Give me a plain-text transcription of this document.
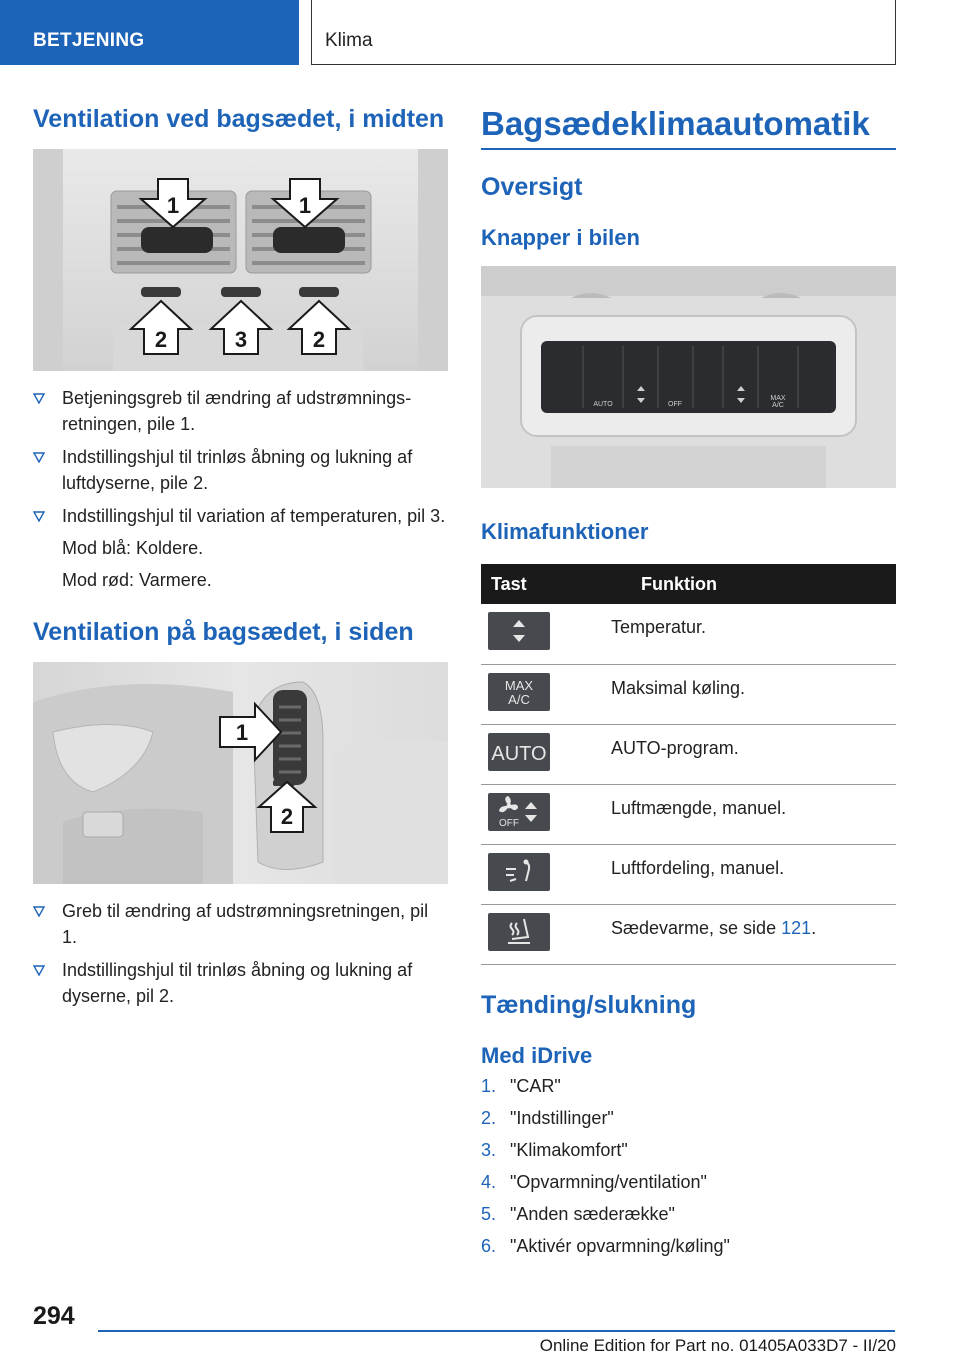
BETJENING	Klima
Ventilation ved bagsædet, i midten
1	1
2	3	2
Betjeningsgreb til ændring af udstrømningsretningen, pile 1.
Indstillingshjul til trinløs åbning og lukning af luftdyserne, pile 2.
Indstillingshjul til variation af temperaturen, pil 3.
Mod blå: Koldere.
Mod rød: Varmere.
Ventilation på bagsædet, i siden
1
2
Greb til ændring af udstrømningsretningen, pil 1.
Indstillingshjul til trinløs åbning og lukning af dyserne, pil 2.
Bagsædeklimaautomatik
Oversigt
Knapper i bilen
AUTO	OFF
MAX
A/C
Klimafunktioner
Tast	Funktion

	Temperatur.

MAX
A/C	Maksimal køling.

AUTO	AUTO-program.

OFF	Luftmængde, manuel.

	Luftfordeling, manuel.

	Sædevarme, se side 121.
Tænding/slukning
Med iDrive
1. "CAR"
2. "Indstillinger"
3. "Klimakomfort"
4. "Opvarmning/ventilation"
5. "Anden sæderække"
6. "Aktivér opvarmning/køling"
294
Online Edition for Part no. 01405A033D7 - II/20
